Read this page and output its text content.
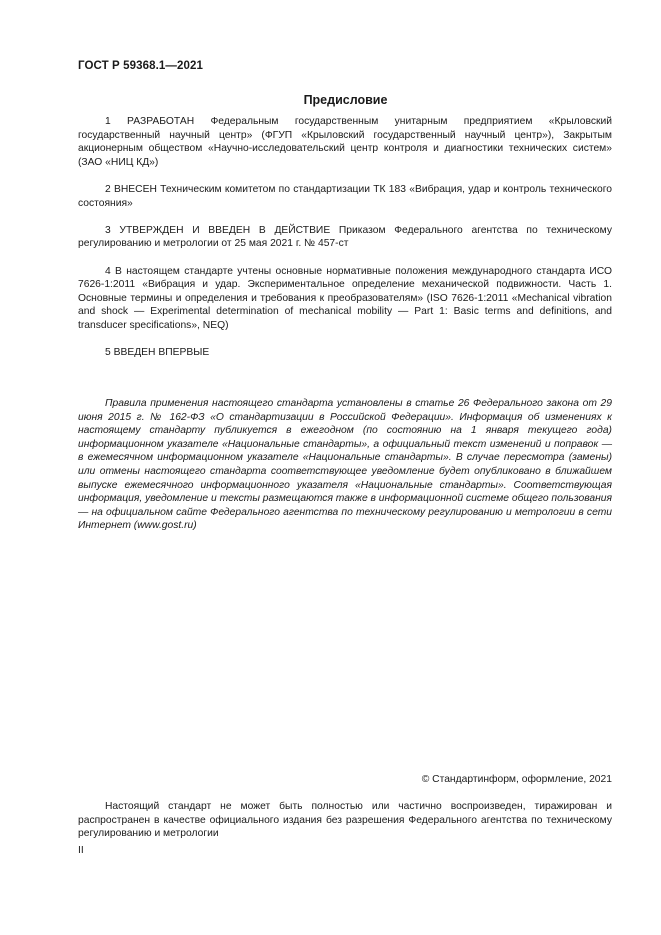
ГОСТ Р 59368.1—2021
Предисловие

1 РАЗРАБОТАН Федеральным государственным унитарным предприятием «Крыловский государственный научный центр» (ФГУП «Крыловский государственный научный центр»), Закрытым акционерным обществом «Научно-исследовательский центр контроля и диагностики технических систем» (ЗАО «НИЦ КД»)

2 ВНЕСЕН Техническим комитетом по стандартизации ТК 183 «Вибрация, удар и контроль технического состояния»

3 УТВЕРЖДЕН И ВВЕДЕН В ДЕЙСТВИЕ Приказом Федерального агентства по техническому регулированию и метрологии от 25 мая 2021 г. № 457-ст

4 В настоящем стандарте учтены основные нормативные положения международного стандарта ИСО 7626-1:2011 «Вибрация и удар. Экспериментальное определение механической подвижности. Часть 1. Основные термины и определения и требования к преобразователям» (ISO 7626-1:2011 «Mechanical vibration and shock — Experimental determination of mechanical mobility — Part 1: Basic terms and definitions, and transducer specifications», NEQ)

5 ВВЕДЕН ВПЕРВЫЕ

Правила применения настоящего стандарта установлены в статье 26 Федерального закона от 29 июня 2015 г. № 162-ФЗ «О стандартизации в Российской Федерации». Информация об изменениях к настоящему стандарту публикуется в ежегодном (по состоянию на 1 января текущего года) информационном указателе «Национальные стандарты», а официальный текст изменений и поправок — в ежемесячном информационном указателе «Национальные стандарты». В случае пересмотра (замены) или отмены настоящего стандарта соответствующее уведомление будет опубликовано в ближайшем выпуске ежемесячного информационного указателя «Национальные стандарты». Соответствующая информация, уведомление и тексты размещаются также в информационной системе общего пользования — на официальном сайте Федерального агентства по техническому регулированию и метрологии в сети Интернет (www.gost.ru)
© Стандартинформ, оформление, 2021
Настоящий стандарт не может быть полностью или частично воспроизведен, тиражирован и распространен в качестве официального издания без разрешения Федерального агентства по техническому регулированию и метрологии
II
